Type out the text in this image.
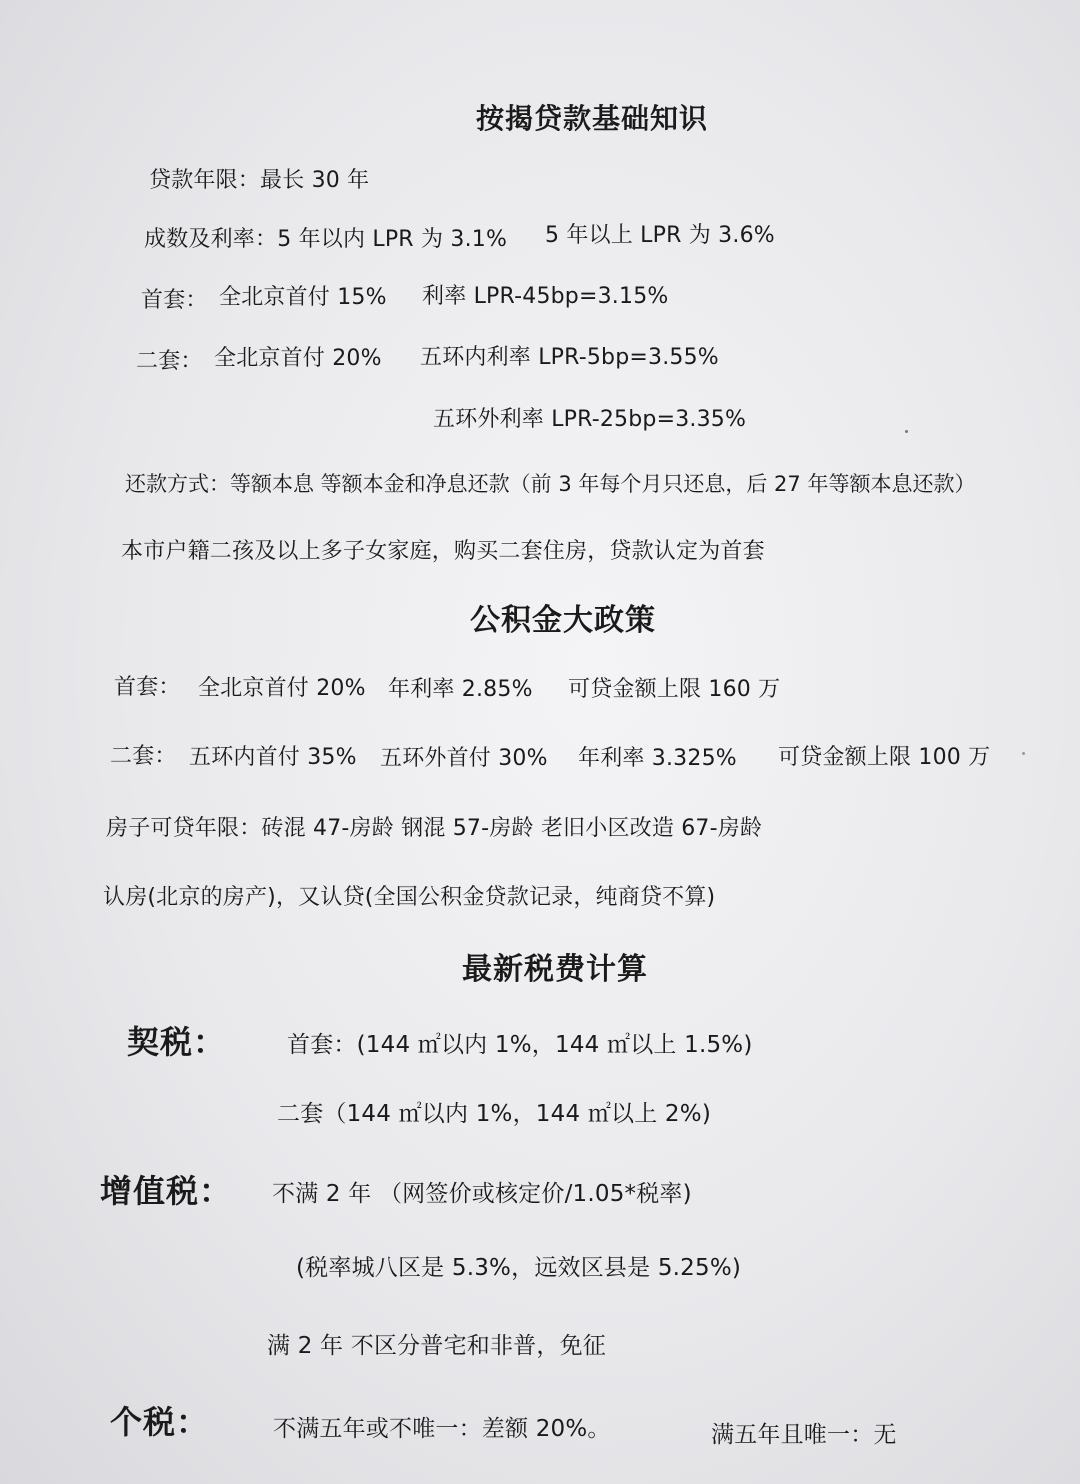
按揭贷款基础知识
贷款年限：最长 30 年
成数及利率：5 年以内 LPR 为 3.1% 5 年以上 LPR 为 3.6%
首套： 全北京首付 15% 利率 LPR-45bp=3.15%
二套： 全北京首付 20% 五环内利率 LPR-5bp=3.55%
五环外利率 LPR-25bp=3.35%
还款方式：等额本息 等额本金和净息还款（前 3 年每个月只还息，后 27 年等额本息还款）
本市户籍二孩及以上多子女家庭，购买二套住房，贷款认定为首套
公积金大政策
首套： 全北京首付 20% 年利率 2.85% 可贷金额上限 160 万
二套： 五环内首付 35% 五环外首付 30% 年利率 3.325% 可贷金额上限 100 万
房子可贷年限：砖混 47-房龄 钢混 57-房龄 老旧小区改造 67-房龄
认房(北京的房产)，又认贷(全国公积金贷款记录，纯商贷不算)
最新税费计算
契税：	首套：(144 ㎡以内 1%，144 ㎡以上 1.5%)
二套（144 ㎡以内 1%，144 ㎡以上 2%)
增值税： 不满 2 年 （网签价或核定价/1.05*税率)
(税率城八区是 5.3%，远效区县是 5.25%)
满 2 年 不区分普宅和非普，免征
个税：	不满五年或不唯一：差额 20%。	满五年且唯一：无
